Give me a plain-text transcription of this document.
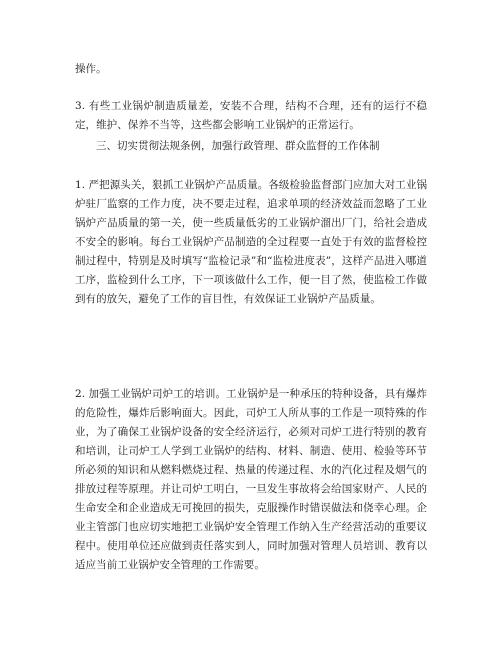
操作。

3. 有些工业锅炉制造质量差，安装不合理，结构不合理，还有的运行不稳定，维护、保养不当等，这些都会影响工业锅炉的正常运行。

三、切实贯彻法规条例，加强行政管理、群众监督的工作体制

1. 严把源头关，狠抓工业锅炉产品质量。各级检验监督部门应加大对工业锅炉驻厂监察的工作力度，决不要走过程，追求单项的经济效益而忽略了工业锅炉产品质量的第一关，使一些质量低劣的工业锅炉溜出厂门，给社会造成不安全的影响。每台工业锅炉产品制造的全过程要一直处于有效的监督检控制过程中，特别是及时填写“监检记录”和“监检进度表”，这样产品进入哪道工序，监检到什么工序，下一项该做什么工作，便一目了然，使监检工作做到有的放矢，避免了工作的盲目性，有效保证工业锅炉产品质量。

2. 加强工业锅炉司炉工的培训。工业锅炉是一种承压的特种设备，具有爆炸的危险性，爆炸后影响面大。因此，司炉工人所从事的工作是一项特殊的作业，为了确保工业锅炉设备的安全经济运行，必须对司炉工进行特别的教育和培训，让司炉工人学到工业锅炉的结构、材料、制造、使用、检验等环节所必须的知识和从燃料燃烧过程、热量的传递过程、水的汽化过程及烟气的排放过程等原理。并让司炉工明白，一旦发生事故将会给国家财产、人民的生命安全和企业造成无可挽回的损失，克服操作时错误做法和侥幸心理。企业主管部门也应切实地把工业锅炉安全管理工作纳入生产经营活动的重要议程中。使用单位还应做到责任落实到人，同时加强对管理人员培训、教育以适应当前工业锅炉安全管理的工作需要。
